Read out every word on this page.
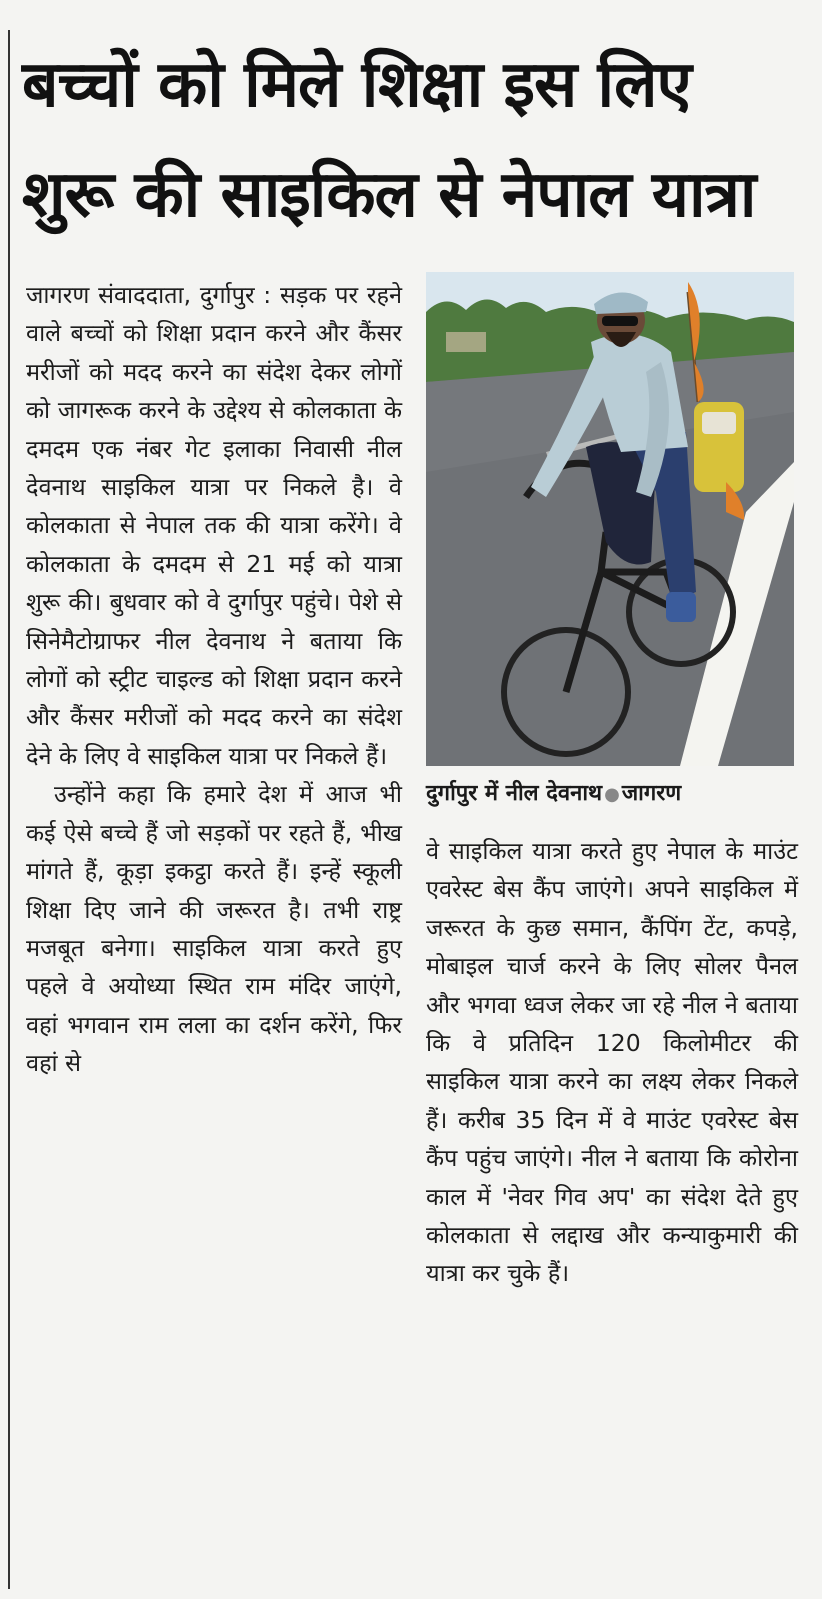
बच्चों को मिले शिक्षा इस लिए
शुरू की साइकिल से नेपाल यात्रा

जागरण संवाददाता, दुर्गापुर : सड़क पर रहने वाले बच्चों को शिक्षा प्रदान करने और कैंसर मरीजों को मदद करने का संदेश देकर लोगों को जागरूक करने के उद्देश्य से कोलकाता के दमदम एक नंबर गेट इलाका निवासी नील देवनाथ साइकिल यात्रा पर निकले है। वे कोलकाता से नेपाल तक की यात्रा करेंगे। वे कोलकाता के दमदम से 21 मई को यात्रा शुरू की। बुधवार को वे दुर्गापुर पहुंचे। पेशे से सिनेमैटोग्राफर नील देवनाथ ने बताया कि लोगों को स्ट्रीट चाइल्ड को शिक्षा प्रदान करने और कैंसर मरीजों को मदद करने का संदेश देने के लिए वे साइकिल यात्रा पर निकले हैं।

उन्होंने कहा कि हमारे देश में आज भी कई ऐसे बच्चे हैं जो सड़कों पर रहते हैं, भीख मांगते हैं, कूड़ा इकट्ठा करते हैं। इन्हें स्कूली शिक्षा दिए जाने की जरूरत है। तभी राष्ट्र मजबूत बनेगा। साइकिल यात्रा करते हुए पहले वे अयोध्या स्थित राम मंदिर जाएंगे, वहां भगवान राम लला का दर्शन करेंगे, फिर वहां से

दुर्गापुर में नील देवनाथ ●जागरण

वे साइकिल यात्रा करते हुए नेपाल के माउंट एवरेस्ट बेस कैंप जाएंगे। अपने साइकिल में जरूरत के कुछ समान, कैंपिंग टेंट, कपड़े, मोबाइल चार्ज करने के लिए सोलर पैनल और भगवा ध्वज लेकर जा रहे नील ने बताया कि वे प्रतिदिन 120 किलोमीटर की साइकिल यात्रा करने का लक्ष्य लेकर निकले हैं। करीब 35 दिन में वे माउंट एवरेस्ट बेस कैंप पहुंच जाएंगे। नील ने बताया कि कोरोना काल में 'नेवर गिव अप' का संदेश देते हुए कोलकाता से लद्दाख और कन्याकुमारी की यात्रा कर चुके हैं।
